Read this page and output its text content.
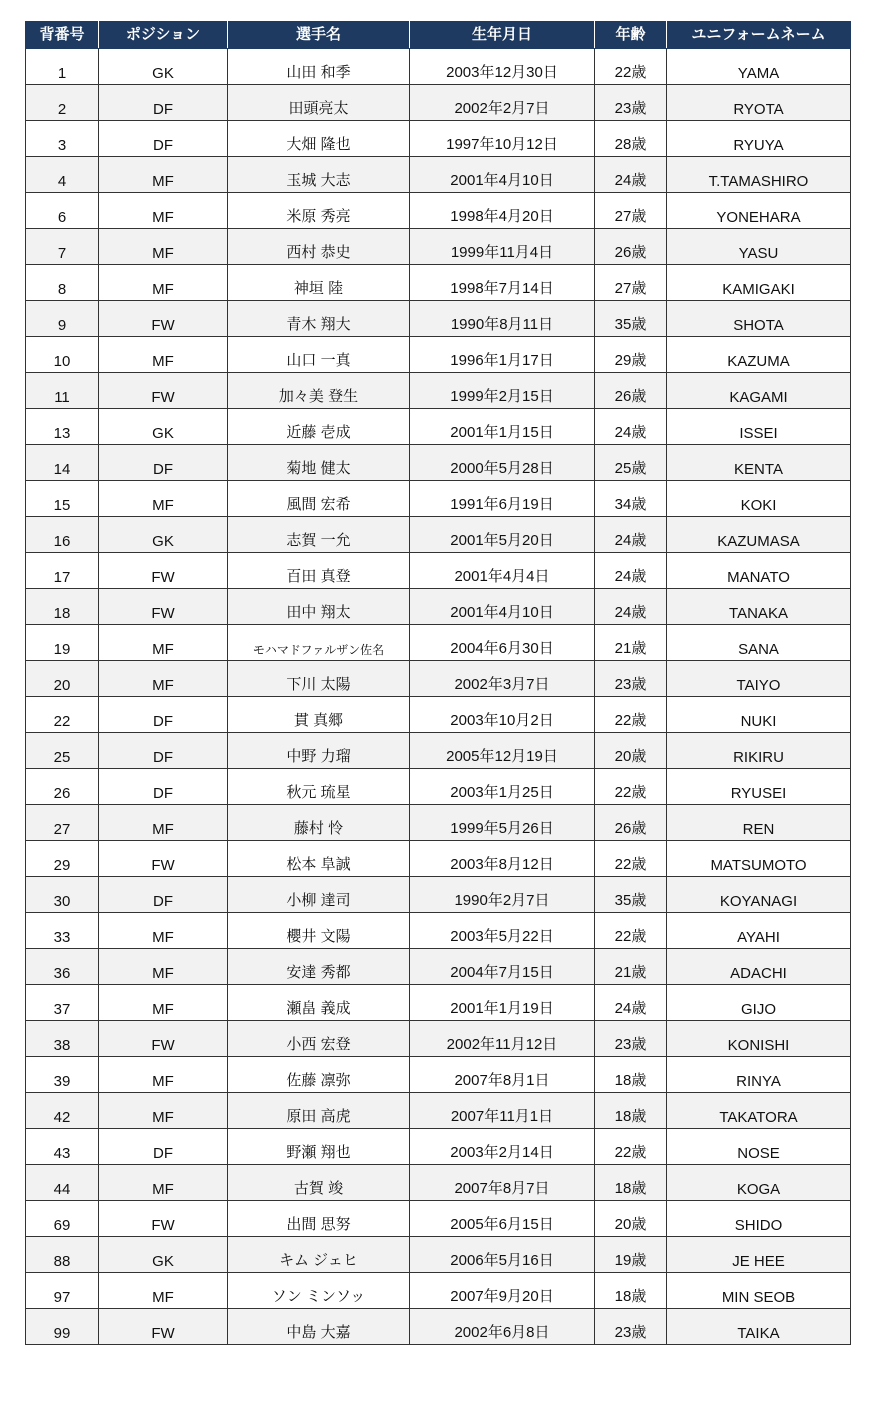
背番号	ポジション	選手名	生年月日	年齢	ユニフォームネーム
1	GK	山田 和季	2003年12月30日	22歳	YAMA
2	DF	田頭亮太	2002年2月7日	23歳	RYOTA
3	DF	大畑 隆也	1997年10月12日	28歳	RYUYA
4	MF	玉城 大志	2001年4月10日	24歳	T.TAMASHIRO
6	MF	米原 秀亮	1998年4月20日	27歳	YONEHARA
7	MF	西村 恭史	1999年11月4日	26歳	YASU
8	MF	神垣 陸	1998年7月14日	27歳	KAMIGAKI
9	FW	青木 翔大	1990年8月11日	35歳	SHOTA
10	MF	山口 一真	1996年1月17日	29歳	KAZUMA
11	FW	加々美 登生	1999年2月15日	26歳	KAGAMI
13	GK	近藤 壱成	2001年1月15日	24歳	ISSEI
14	DF	菊地 健太	2000年5月28日	25歳	KENTA
15	MF	風間 宏希	1991年6月19日	34歳	KOKI
16	GK	志賀 一允	2001年5月20日	24歳	KAZUMASA
17	FW	百田 真登	2001年4月4日	24歳	MANATO
18	FW	田中 翔太	2001年4月10日	24歳	TANAKA
19	MF	モハマドファルザン佐名	2004年6月30日	21歳	SANA
20	MF	下川 太陽	2002年3月7日	23歳	TAIYO
22	DF	貫 真郷	2003年10月2日	22歳	NUKI
25	DF	中野 力瑠	2005年12月19日	20歳	RIKIRU
26	DF	秋元 琉星	2003年1月25日	22歳	RYUSEI
27	MF	藤村 怜	1999年5月26日	26歳	REN
29	FW	松本 阜誠	2003年8月12日	22歳	MATSUMOTO
30	DF	小柳 達司	1990年2月7日	35歳	KOYANAGI
33	MF	櫻井 文陽	2003年5月22日	22歳	AYAHI
36	MF	安達 秀都	2004年7月15日	21歳	ADACHI
37	MF	瀬畠 義成	2001年1月19日	24歳	GIJO
38	FW	小西 宏登	2002年11月12日	23歳	KONISHI
39	MF	佐藤 凛弥	2007年8月1日	18歳	RINYA
42	MF	原田 高虎	2007年11月1日	18歳	TAKATORA
43	DF	野瀬 翔也	2003年2月14日	22歳	NOSE
44	MF	古賀 竣	2007年8月7日	18歳	KOGA
69	FW	出間 思努	2005年6月15日	20歳	SHIDO
88	GK	キム ジェヒ	2006年5月16日	19歳	JE HEE
97	MF	ソン ミンソッ	2007年9月20日	18歳	MIN SEOB
99	FW	中島 大嘉	2002年6月8日	23歳	TAIKA
